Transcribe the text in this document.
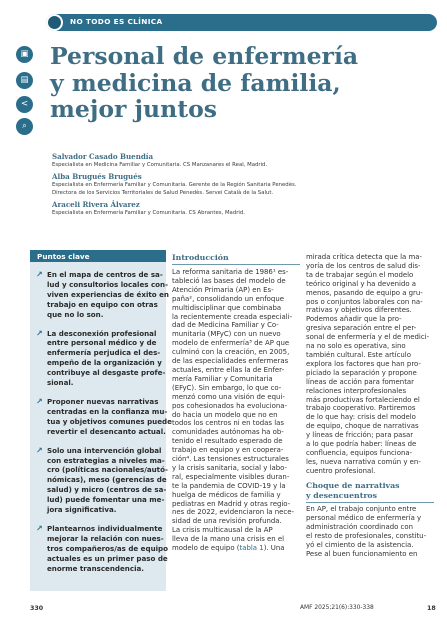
NO TODO ES CLÍNICA
▣
▤
<
⌕
Personal de enfermería
y medicina de familia,
mejor juntos
Salvador Casado Buendía
Especialista en Medicina Familiar y Comunitaria. CS Manzanares el Real, Madrid.
Alba Brugués Brugués
Especialista en Enfermería Familiar y Comunitaria. Gerente de la Región Sanitaria Penedès.
Directora de los Servicios Territoriales de Salud Penedès. Servei Català de la Salut.
Araceli Rivera Álvarez
Especialista en Enfermería Familiar y Comunitaria. CS Abrantes, Madrid.
Puntos clave
↗ En el mapa de centros de sa-
lud y consultorios locales con-
viven experiencias de éxito en
trabajo en equipo con otras
que no lo son.
↗ La desconexión profesional
entre personal médico y de
enfermería perjudica el des-
empeño de la organización y
contribuye al desgaste profe-
sional.
↗ Proponer nuevas narrativas
centradas en la confianza mu-
tua y objetivos comunes puede
revertir el desencanto actual.
↗ Solo una intervención global
con estrategias a niveles ma-
cro (políticas nacionales/autó-
nómicas), meso (gerencias de
salud) y micro (centros de sa-
lud) puede fomentar una me-
jora significativa.
↗ Plantearnos individualmente
mejorar la relación con nues-
tros compañeros/as de equipo
actuales es un primer paso de
enorme transcendencia.
Introducción
La reforma sanitaria de 1986¹ es-
tableció las bases del modelo de
Atención Primaria (AP) en Es-
paña², consolidando un enfoque
multidisciplinar que combinaba
la recientemente creada especiali-
dad de Medicina Familiar y Co-
munitaria (MFyC) con un nuevo
modelo de enfermería³ de AP que
culminó con la creación, en 2005,
de las especialidades enfermeras
actuales, entre ellas la de Enfer-
mería Familiar y Comunitaria
(EFyC). Sin embargo, lo que co-
menzó como una visión de equi-
pos cohesionados ha evoluciona-
do hacia un modelo que no en
todos los centros ni en todas las
comunidades autónomas ha ob-
tenido el resultado esperado de
trabajo en equipo y en coopera-
ción⁴. Las tensiones estructurales
y la crisis sanitaria, social y labo-
ral, especialmente visibles duran-
te la pandemia de COVID-19 y la
huelga de médicos de familia y
pediatras en Madrid y otras regio-
nes de 2022, evidenciaron la nece-
sidad de una revisión profunda.
La crisis multicausal de la AP
lleva de la mano una crisis en el
modelo de equipo (tabla 1). Una
mirada crítica detecta que la ma-
yoría de los centros de salud dis-
ta de trabajar según el modelo
teórico original y ha devenido a
menos, pasando de equipo a gru-
pos o conjuntos laborales con na-
rrativas y objetivos diferentes.
Podemos añadir que la pro-
gresiva separación entre el per-
sonal de enfermería y el de medici-
na no solo es operativa, sino
también cultural. Este artículo
explora los factores que han pro-
piciado la separación y propone
líneas de acción para fomentar
relaciones interprofesionales
más productivas fortaleciendo el
trabajo cooperativo. Partiremos
de lo que hay: crisis del modelo
de equipo, choque de narrativas
y líneas de fricción; para pasar
a lo que podría haber: líneas de
confluencia, equipos funciona-
les, nueva narrativa común y en-
cuentro profesional.
Choque de narrativas
y desencuentros
En AP, el trabajo conjunto entre
personal médico de enfermería y
administración coordinado con
el resto de profesionales, constitu-
yó el cimiento de la asistencia.
Pese al buen funcionamiento en
330	AMF 2025;21(6):330-338	18
